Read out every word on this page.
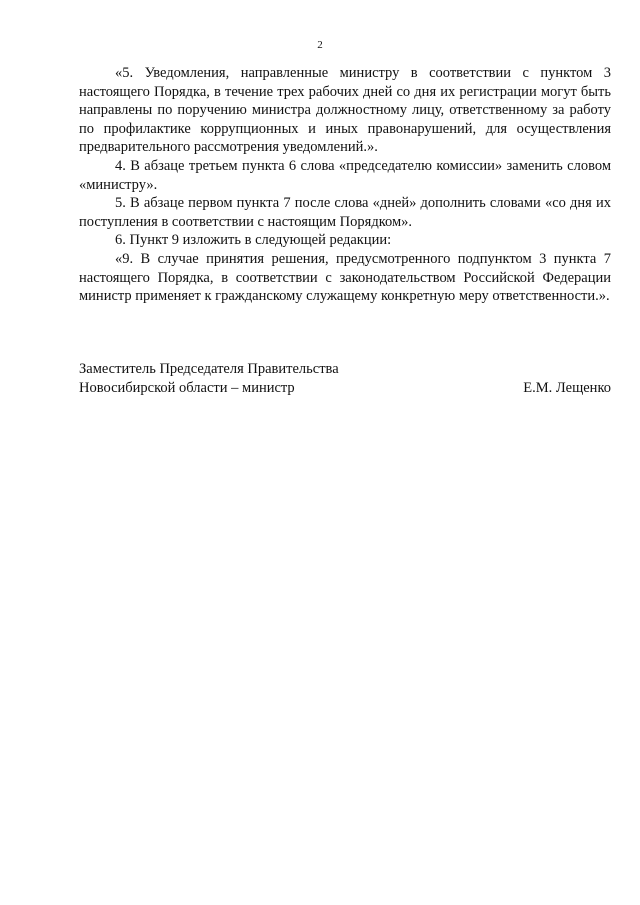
2

«5. Уведомления, направленные министру в соответствии с пунктом 3 настоящего Порядка, в течение трех рабочих дней со дня их регистрации могут быть направлены по поручению министра должностному лицу, ответственному за работу по профилактике коррупционных и иных правонарушений, для осуществления предварительного рассмотрения уведомлений.».

4. В абзаце третьем пункта 6 слова «председателю комиссии» заменить словом «министру».

5. В абзаце первом пункта 7 после слова «дней» дополнить словами «со дня их поступления в соответствии с настоящим Порядком».

6. Пункт 9 изложить в следующей редакции:

«9. В случае принятия решения, предусмотренного подпунктом 3 пункта 7 настоящего Порядка, в соответствии с законодательством Российской Федерации министр применяет к гражданскому служащему конкретную меру ответственности.».

Заместитель Председателя Правительства
Новосибирской области – министр	Е.М. Лещенко
